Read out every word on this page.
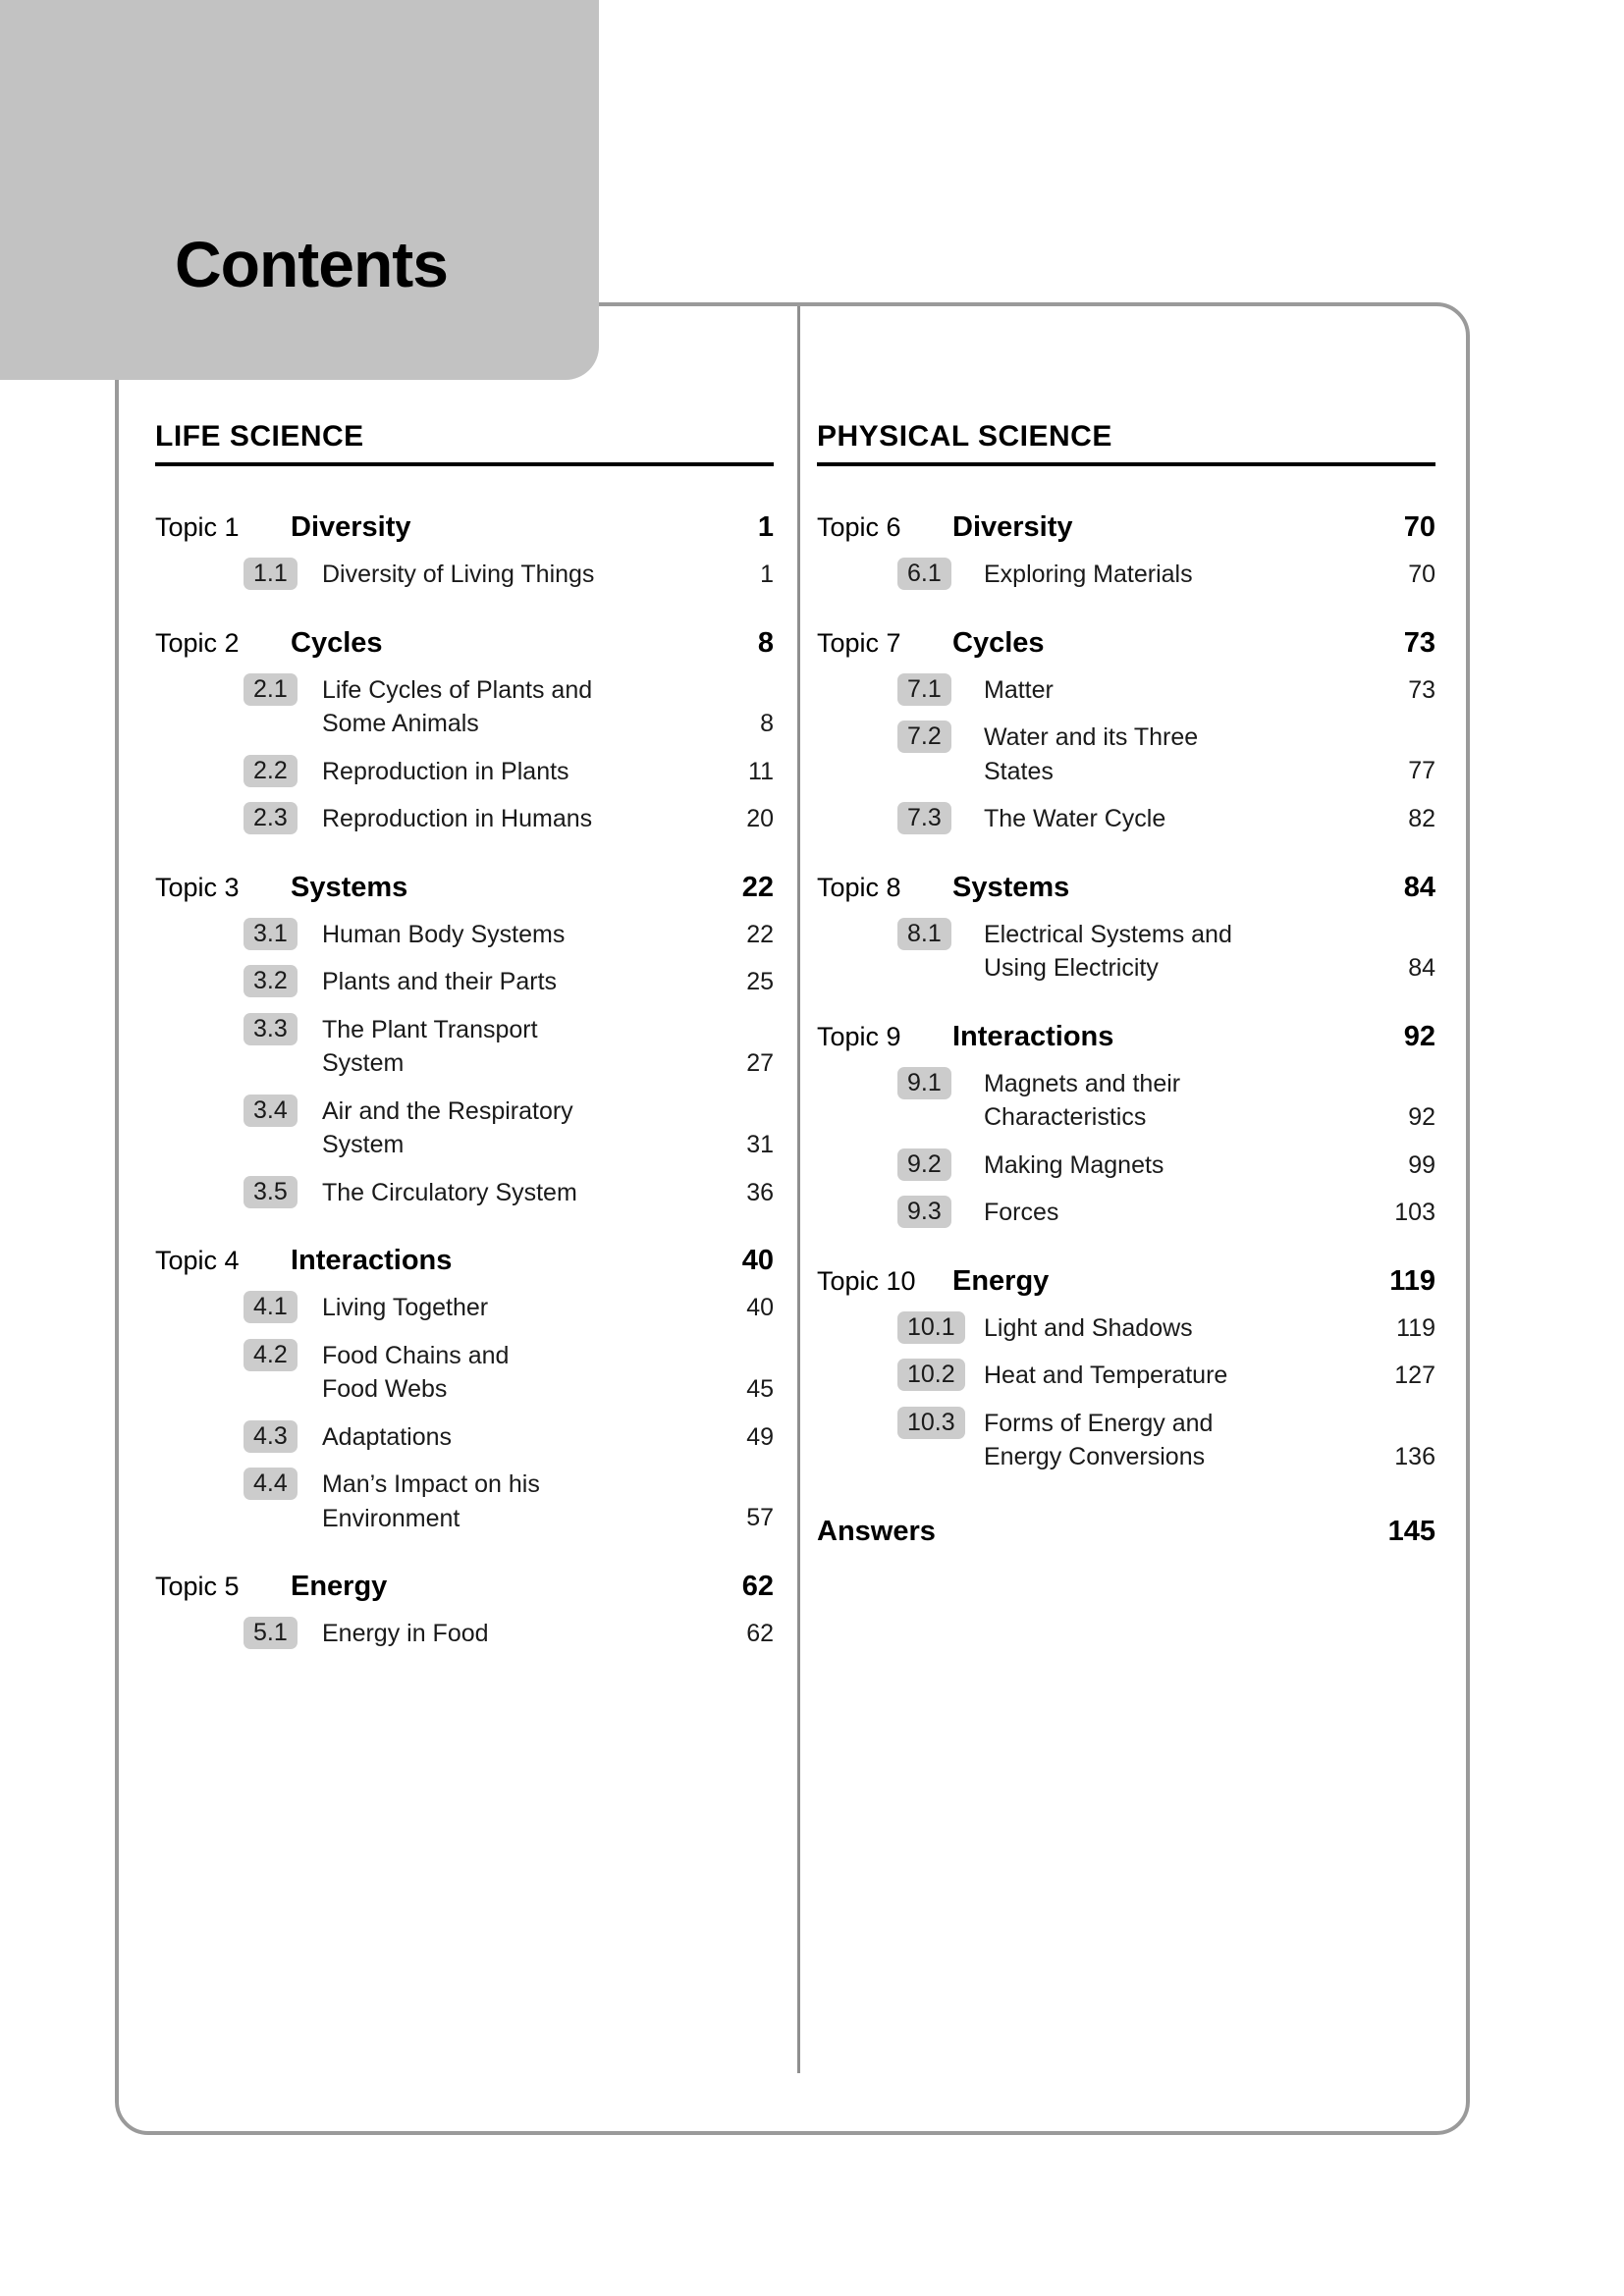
Contents
LIFE SCIENCE
Topic 1	Diversity	1
1.1	Diversity of Living Things	1
Topic 2	Cycles	8
2.1	Life Cycles of Plants and
Some Animals	8
2.2	Reproduction in Plants	11
2.3	Reproduction in Humans	20
Topic 3	Systems	22
3.1	Human Body Systems	22
3.2	Plants and their Parts	25
3.3	The Plant Transport
System	27
3.4	Air and the Respiratory
System	31
3.5	The Circulatory System	36
Topic 4	Interactions	40
4.1	Living Together	40
4.2	Food Chains and
Food Webs	45
4.3	Adaptations	49
4.4	Man’s Impact on his
Environment	57
Topic 5	Energy	62
5.1	Energy in Food	62
PHYSICAL SCIENCE
Topic 6	Diversity	70
6.1	Exploring Materials	70
Topic 7	Cycles	73
7.1	Matter	73
7.2	Water and its Three
States	77
7.3	The Water Cycle	82
Topic 8	Systems	84
8.1	Electrical Systems and
Using Electricity	84
Topic 9	Interactions	92
9.1	Magnets and their
Characteristics	92
9.2	Making Magnets	99
9.3	Forces	103
Topic 10	Energy	119
10.1	Light and Shadows	119
10.2	Heat and Temperature	127
10.3	Forms of Energy and
Energy Conversions	136
Answers	145
